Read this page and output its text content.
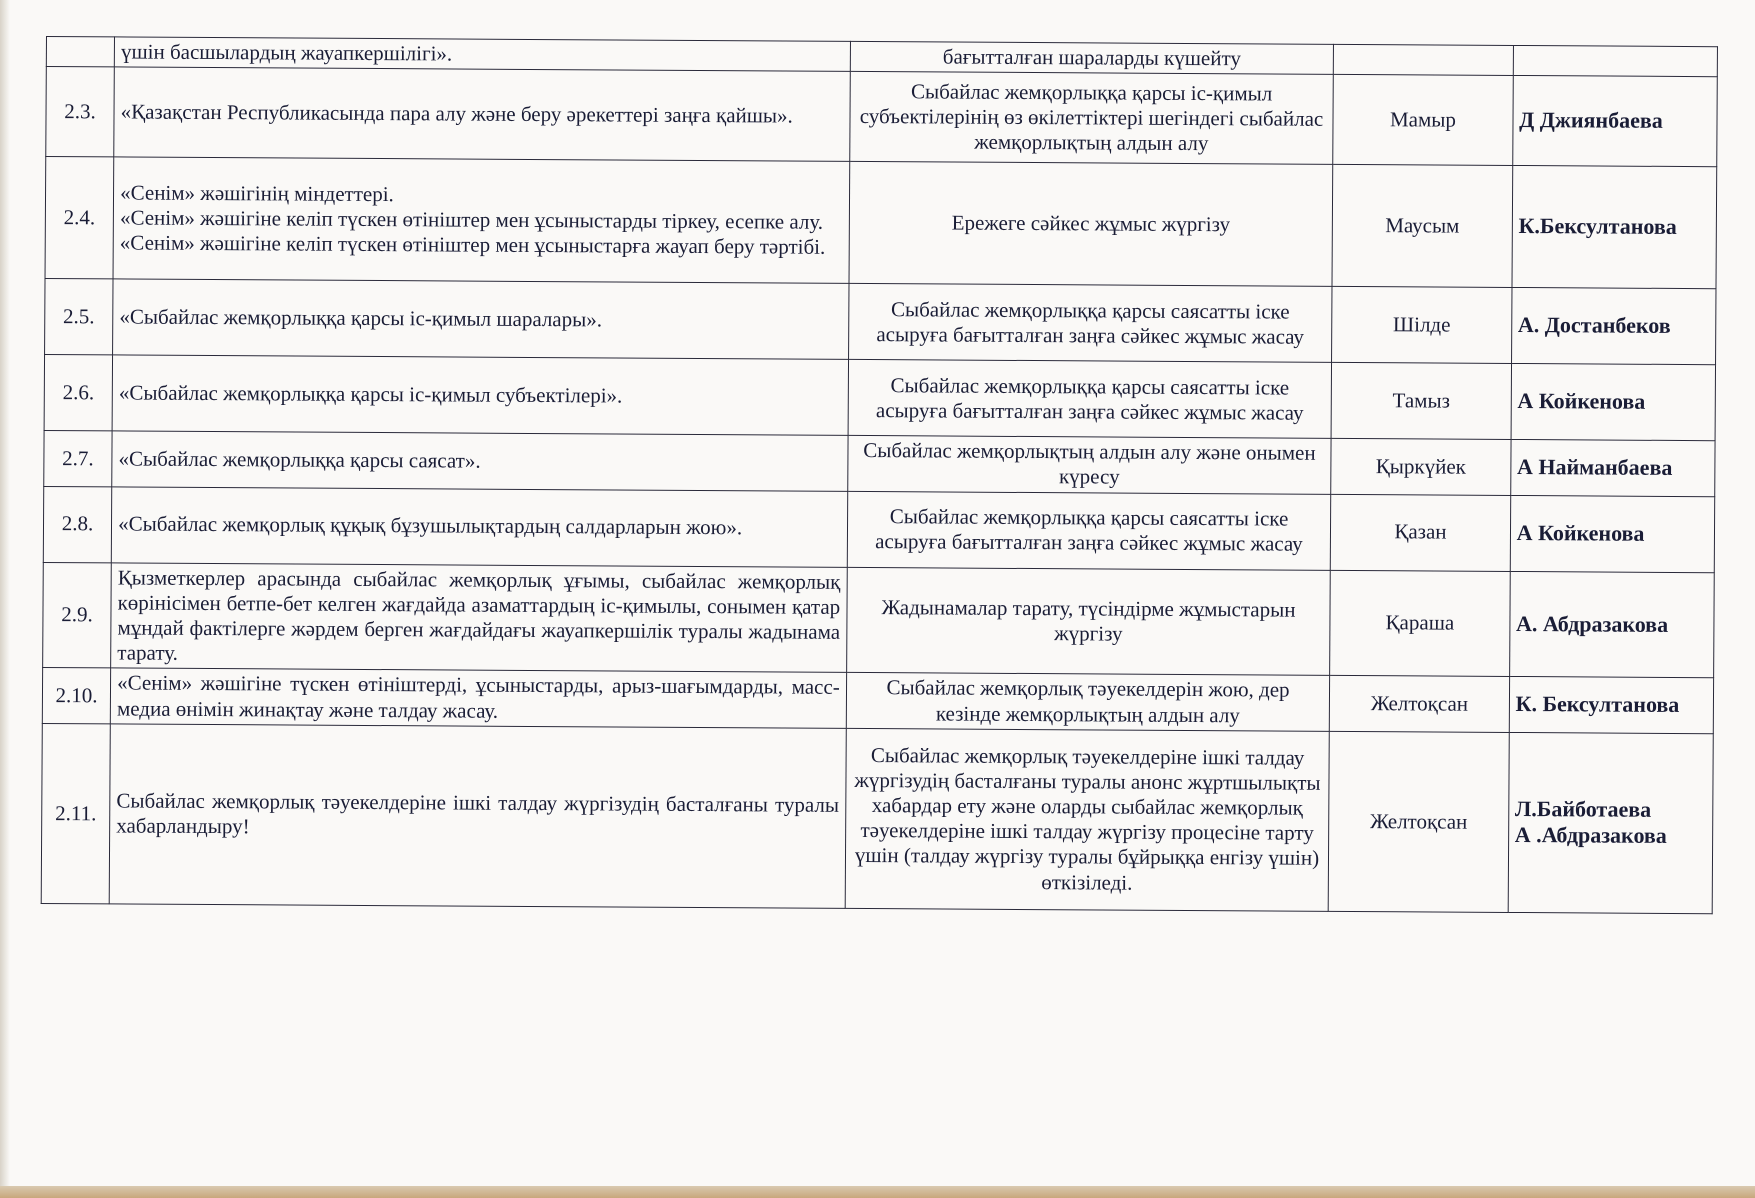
	үшін басшылардың жауапкершілігі».	бағытталған шараларды күшейту		
2.3.	«Қазақстан Республикасында пара алу және беру әрекеттері заңға қайшы».	Сыбайлас жемқорлыққа қарсы іс-қимыл субъектілерінің өз өкілеттіктері шегіндегі сыбайлас жемқорлықтың алдын алу	Мамыр	Д Джиянбаева

2.4.	«Сенім» жәшігінің міндеттері.
«Сенім» жәшігіне келіп түскен өтініштер мен ұсыныстарды тіркеу, есепке алу.
«Сенім» жәшігіне келіп түскен өтініштер мен ұсыныстарға жауап беру тәртібі.	Ережеге сәйкес жұмыс жүргізу	Маусым	К.Бексултанова

2.5.	«Сыбайлас жемқорлыққа қарсы іс-қимыл шаралары».	Сыбайлас жемқорлыққа қарсы саясатты іске асыруға бағытталған заңға сәйкес жұмыс жасау	Шілде	А. Достанбеков

2.6.	«Сыбайлас жемқорлыққа қарсы іс-қимыл субъектілері».	Сыбайлас жемқорлыққа қарсы саясатты іске асыруға бағытталған заңға сәйкес жұмыс жасау	Тамыз	А Койкенова

2.7.	«Сыбайлас жемқорлыққа қарсы саясат».	Сыбайлас жемқорлықтың алдын алу және онымен күресу	Қыркүйек	А Найманбаева

2.8.	«Сыбайлас жемқорлық құқық бұзушылықтардың салдарларын жою».	Сыбайлас жемқорлыққа қарсы саясатты іске асыруға бағытталған заңға сәйкес жұмыс жасау	Қазан	А Койкенова

2.9.	Қызметкерлер арасында сыбайлас жемқорлық ұғымы, сыбайлас жемқорлық көрінісімен бетпе-бет келген жағдайда азаматтардың іс-қимылы, сонымен қатар мұндай фактілерге жәрдем берген жағдайдағы жауапкершілік туралы жадынама тарату.	Жадынамалар тарату, түсіндірме жұмыстарын жүргізу	Қараша	А. Абдразакова

2.10.	«Сенім» жәшігіне түскен өтініштерді, ұсыныстарды, арыз-шағымдарды, масс-медиа өнімін жинақтау және талдау жасау.	Сыбайлас жемқорлық тәуекелдерін жою, дер кезінде жемқорлықтың алдын алу	Желтоқсан	К. Бексултанова

2.11.	Сыбайлас жемқорлық тәуекелдеріне ішкі талдау жүргізудің басталғаны туралы хабарландыру!	Сыбайлас жемқорлық тәуекелдеріне ішкі талдау жүргізудің басталғаны туралы анонс жұртшылықты хабардар ету және оларды сыбайлас жемқорлық тәуекелдеріне ішкі талдау жүргізу процесіне тарту үшін (талдау жүргізу туралы бұйрыққа енгізу үшін) өткізіледі.	Желтоқсан	Л.Байботаева
А .Абдразакова
